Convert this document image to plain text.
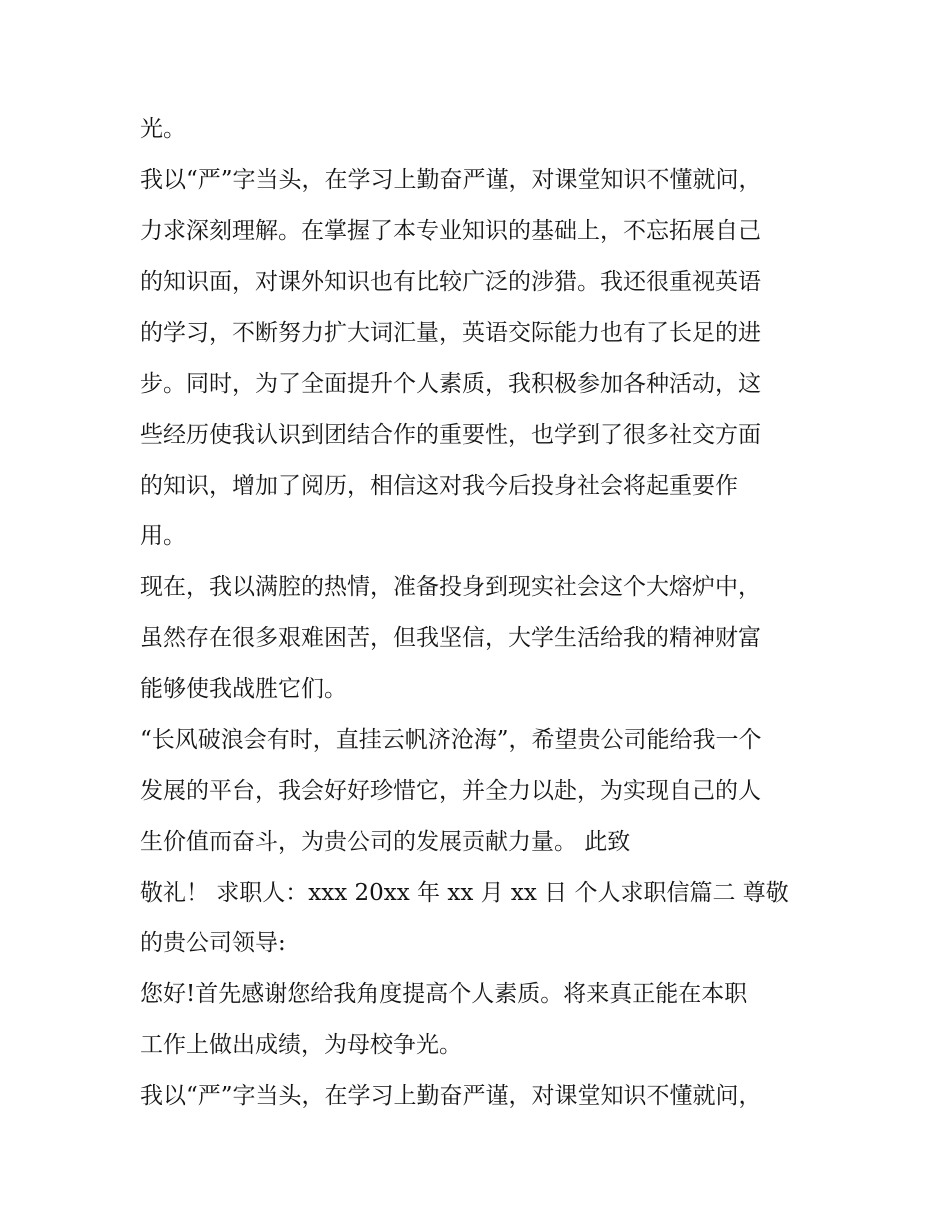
光。

我以“严”字当头，在学习上勤奋严谨，对课堂知识不懂就问，

力求深刻理解。在掌握了本专业知识的基础上，不忘拓展自己

的知识面，对课外知识也有比较广泛的涉猎。我还很重视英语

的学习，不断努力扩大词汇量，英语交际能力也有了长足的进

步。同时，为了全面提升个人素质，我积极参加各种活动，这

些经历使我认识到团结合作的重要性，也学到了很多社交方面

的知识，增加了阅历，相信这对我今后投身社会将起重要作

用。

现在，我以满腔的热情，准备投身到现实社会这个大熔炉中，

虽然存在很多艰难困苦，但我坚信，大学生活给我的精神财富

能够使我战胜它们。

“长风破浪会有时，直挂云帆济沧海”，希望贵公司能给我一个

发展的平台，我会好好珍惜它，并全力以赴，为实现自己的人

生价值而奋斗，为贵公司的发展贡献力量。 此致

敬礼！ 求职人：xxx 20xx 年 xx 月 xx 日 个人求职信篇二 尊敬

的贵公司领导:

您好!首先感谢您给我角度提高个人素质。将来真正能在本职

工作上做出成绩，为母校争光。

我以“严”字当头，在学习上勤奋严谨，对课堂知识不懂就问，
